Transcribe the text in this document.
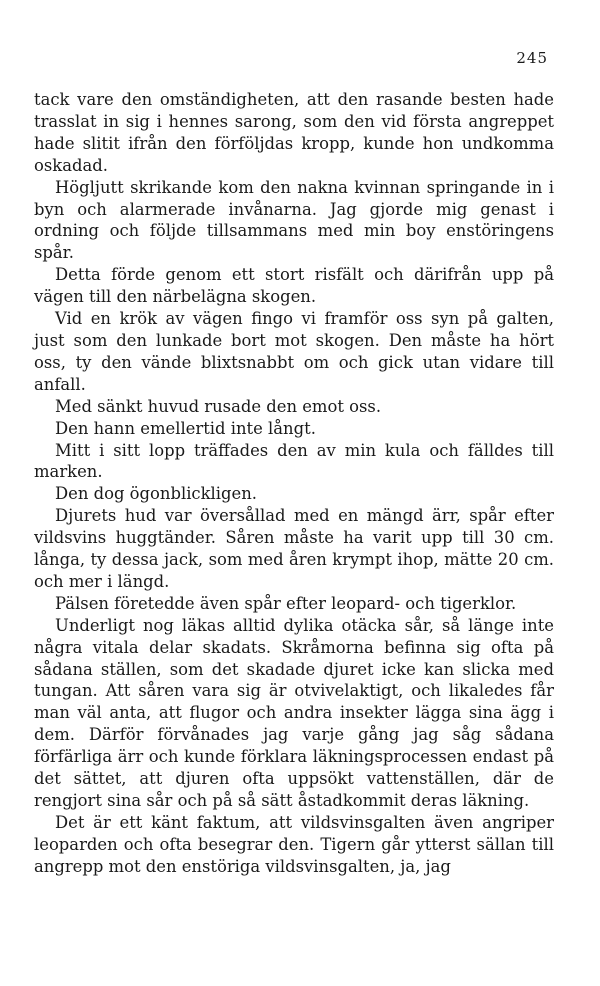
245

tack vare den omständigheten, att den rasande besten hade trasslat in sig i hennes sarong, som den vid första angreppet hade slitit ifrån den förföljdas kropp, kunde hon undkomma oskadad.

Högljutt skrikande kom den nakna kvinnan springande in i byn och alarmerade invånarna. Jag gjorde mig genast i ordning och följde tillsammans med min boy enstöringens spår.

Detta förde genom ett stort risfält och därifrån upp på vägen till den närbelägna skogen.

Vid en krök av vägen fingo vi framför oss syn på galten, just som den lunkade bort mot skogen. Den måste ha hört oss, ty den vände blixtsnabbt om och gick utan vidare till anfall.

Med sänkt huvud rusade den emot oss.

Den hann emellertid inte långt.

Mitt i sitt lopp träffades den av min kula och fälldes till marken.

Den dog ögonblickligen.

Djurets hud var översållad med en mängd ärr, spår efter vildsvins huggtänder. Såren måste ha varit upp till 30 cm. långa, ty dessa jack, som med åren krympt ihop, mätte 20 cm. och mer i längd.

Pälsen företedde även spår efter leopard- och tigerklor.

Underligt nog läkas alltid dylika otäcka sår, så länge inte några vitala delar skadats. Skråmorna befinna sig ofta på sådana ställen, som det skadade djuret icke kan slicka med tungan. Att såren vara sig är otvivelaktigt, och likaledes får man väl anta, att flugor och andra insekter lägga sina ägg i dem. Därför förvånades jag varje gång jag såg sådana förfärliga ärr och kunde förklara läkningsprocessen endast på det sättet, att djuren ofta uppsökt vattenställen, där de rengjort sina sår och på så sätt åstadkommit deras läkning.

Det är ett känt faktum, att vildsvinsgalten även angriper leoparden och ofta besegrar den. Tigern går ytterst sällan till angrepp mot den enstöriga vildsvinsgalten, ja, jag
